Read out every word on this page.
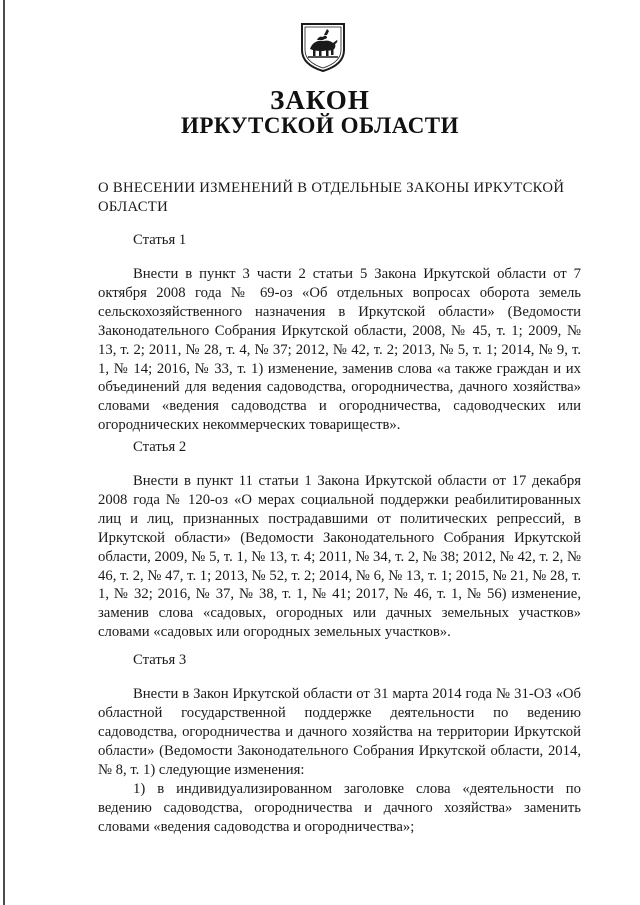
ЗАКОН
ИРКУТСКОЙ ОБЛАСТИ

О ВНЕСЕНИИ ИЗМЕНЕНИЙ В ОТДЕЛЬНЫЕ ЗАКОНЫ ИРКУТСКОЙ ОБЛАСТИ

Статья 1

Внести в пункт 3 части 2 статьи 5 Закона Иркутской области от 7 октября 2008 года № 69-оз «Об отдельных вопросах оборота земель сельскохозяйственного назначения в Иркутской области» (Ведомости Законодательного Собрания Иркутской области, 2008, № 45, т. 1; 2009, № 13, т. 2; 2011, № 28, т. 4, № 37; 2012, № 42, т. 2; 2013, № 5, т. 1; 2014, № 9, т. 1, № 14; 2016, № 33, т. 1) изменение, заменив слова «а также граждан и их объединений для ведения садоводства, огородничества, дачного хозяйства» словами «ведения садоводства и огородничества, садоводческих или огороднических некоммерческих товариществ».

Статья 2

Внести в пункт 11 статьи 1 Закона Иркутской области от 17 декабря 2008 года № 120-оз «О мерах социальной поддержки реабилитированных лиц и лиц, признанных пострадавшими от политических репрессий, в Иркутской области» (Ведомости Законодательного Собрания Иркутской области, 2009, № 5, т. 1, № 13, т. 4; 2011, № 34, т. 2, № 38; 2012, № 42, т. 2, № 46, т. 2, № 47, т. 1; 2013, № 52, т. 2; 2014, № 6, № 13, т. 1; 2015, № 21, № 28, т. 1, № 32; 2016, № 37, № 38, т. 1, № 41; 2017, № 46, т. 1, № 56) изменение, заменив слова «садовых, огородных или дачных земельных участков» словами «садовых или огородных земельных участков».

Статья 3

Внести в Закон Иркутской области от 31 марта 2014 года № 31-ОЗ «Об областной государственной поддержке деятельности по ведению садоводства, огородничества и дачного хозяйства на территории Иркутской области» (Ведомости Законодательного Собрания Иркутской области, 2014, № 8, т. 1) следующие изменения:

1) в индивидуализированном заголовке слова «деятельности по ведению садоводства, огородничества и дачного хозяйства» заменить словами «ведения садоводства и огородничества»;
